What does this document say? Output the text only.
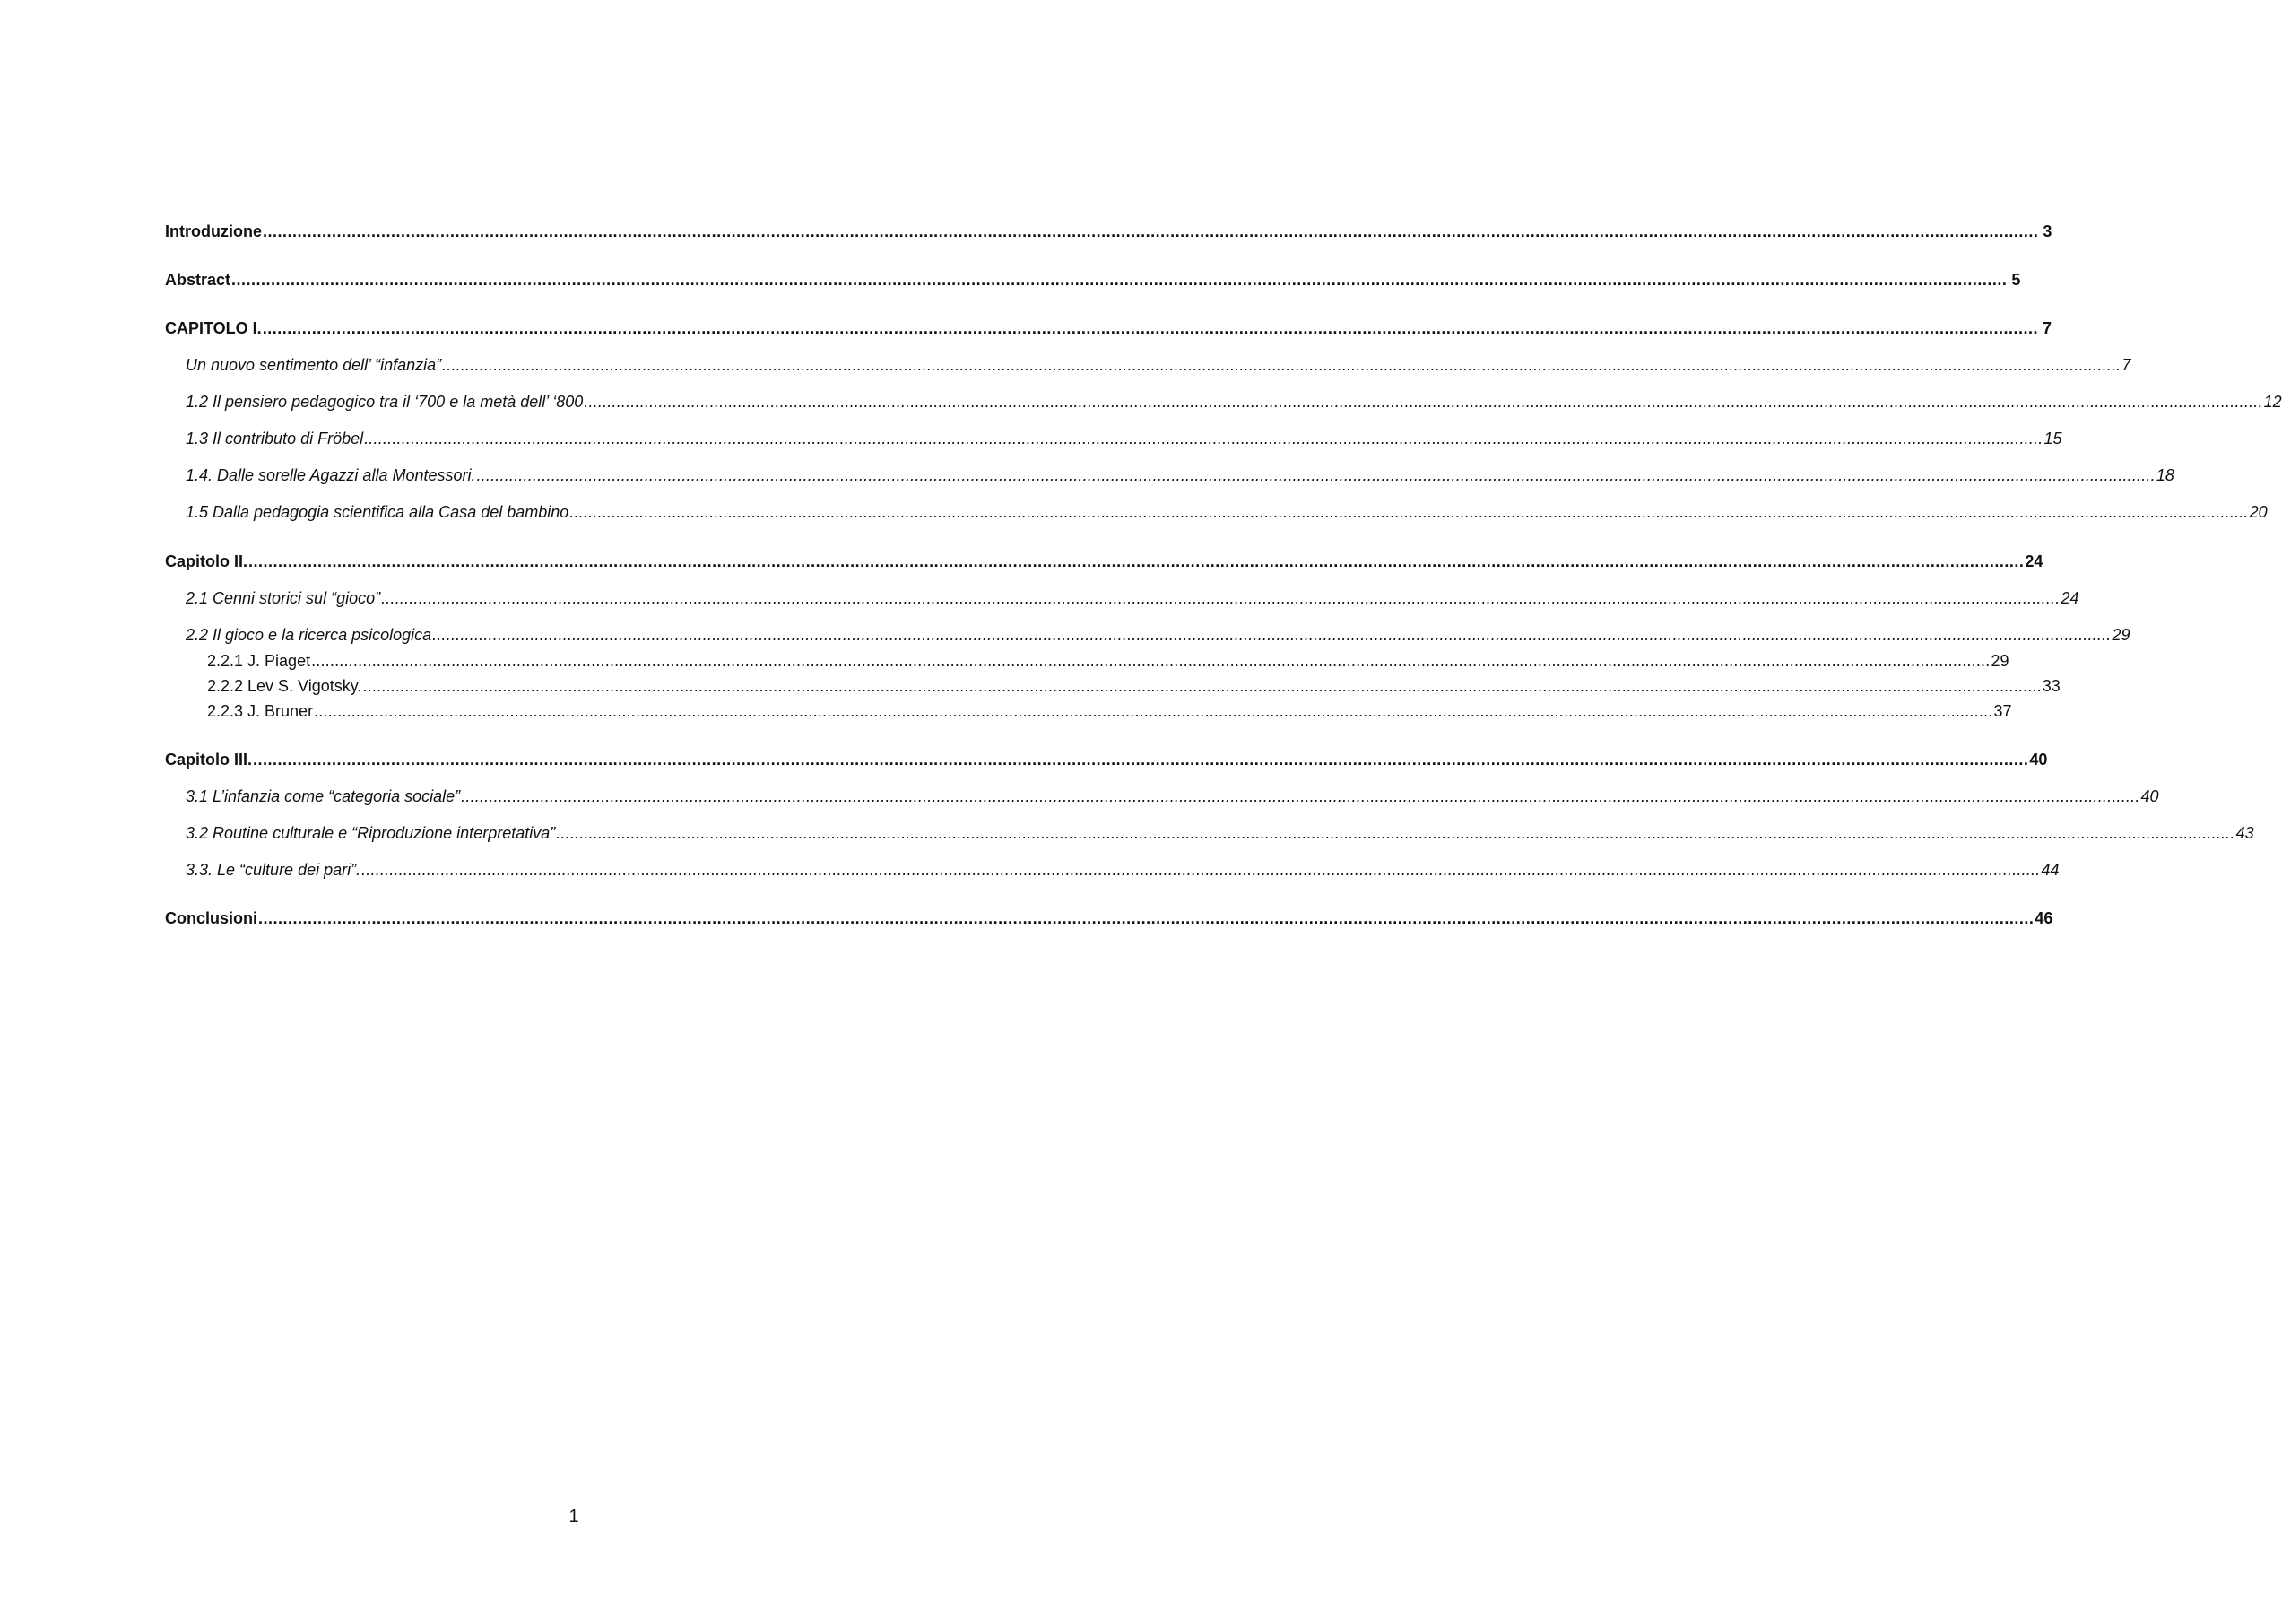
Introduzione .....	3
Abstract .....	5
CAPITOLO I. .....	7
Un nuovo sentimento dell’ “infanzia” .....	7
1.2 Il pensiero pedagogico tra il ‘700 e la metà dell’ ‘800 .....	12
1.3 Il contributo di Fröbel .....	15
1.4. Dalle sorelle Agazzi alla Montessori. .....	18
1.5 Dalla pedagogia scientifica alla Casa del bambino .....	20
Capitolo II. .....	24
2.1 Cenni storici sul “gioco” .....	24
2.2 Il gioco e la ricerca psicologica .....	29
2.2.1 J. Piaget .....	29
2.2.2 Lev S. Vigotsky. .....	33
2.2.3 J. Bruner .....	37
Capitolo III. .....	40
3.1 L’infanzia come “categoria sociale” .....	40
3.2 Routine culturale e “Riproduzione interpretativa” .....	43
3.3. Le “culture dei pari”. .....	44
Conclusioni .....	46
1
